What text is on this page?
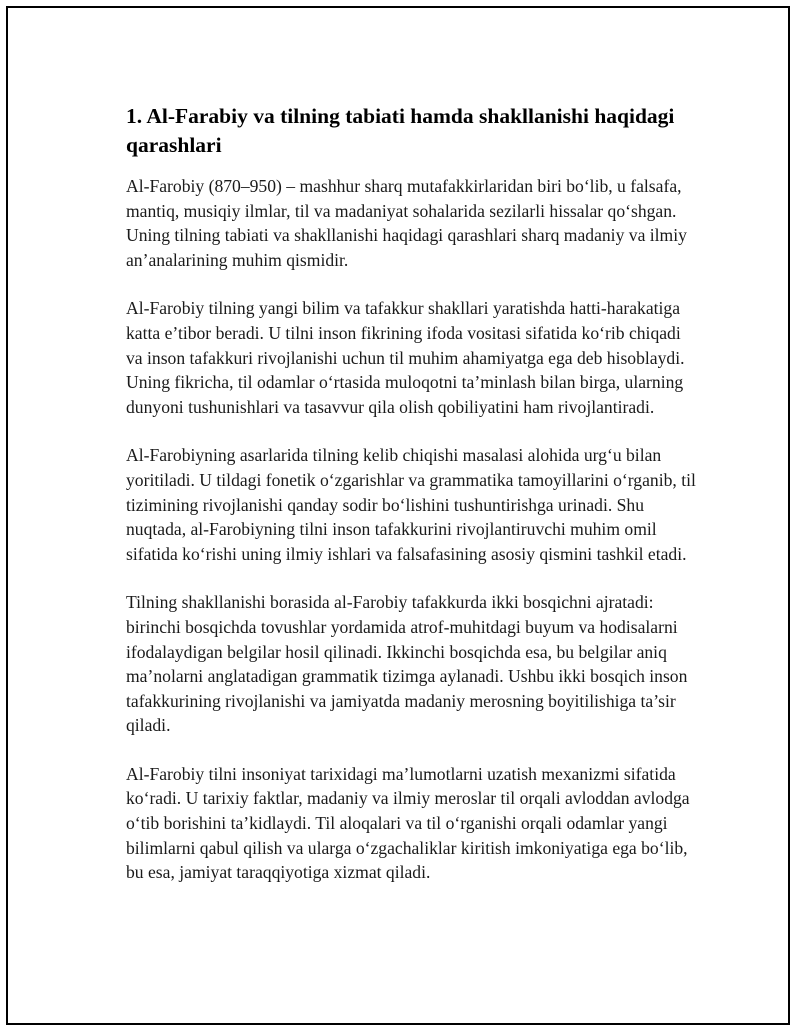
1. Al-Farabiy va tilning tabiati hamda shakllanishi haqidagi qarashlari

Al-Farobiy (870–950) – mashhur sharq mutafakkirlaridan biri bo‘lib, u falsafa, mantiq, musiqiy ilmlar, til va madaniyat sohalarida sezilarli hissalar qo‘shgan. Uning tilning tabiati va shakllanishi haqidagi qarashlari sharq madaniy va ilmiy an’analarining muhim qismidir.

Al-Farobiy tilning yangi bilim va tafakkur shakllari yaratishda hatti-harakatiga katta e’tibor beradi. U tilni inson fikrining ifoda vositasi sifatida ko‘rib chiqadi va inson tafakkuri rivojlanishi uchun til muhim ahamiyatga ega deb hisoblaydi. Uning fikricha, til odamlar o‘rtasida muloqotni ta’minlash bilan birga, ularning dunyoni tushunishlari va tasavvur qila olish qobiliyatini ham rivojlantiradi.

Al-Farobiyning asarlarida tilning kelib chiqishi masalasi alohida urg‘u bilan yoritiladi. U tildagi fonetik o‘zgarishlar va grammatika tamoyillarini o‘rganib, til tizimining rivojlanishi qanday sodir bo‘lishini tushuntirishga urinadi. Shu nuqtada, al-Farobiyning tilni inson tafakkurini rivojlantiruvchi muhim omil sifatida ko‘rishi uning ilmiy ishlari va falsafasining asosiy qismini tashkil etadi.

Tilning shakllanishi borasida al-Farobiy tafakkurda ikki bosqichni ajratadi: birinchi bosqichda tovushlar yordamida atrof-muhitdagi buyum va hodisalarni ifodalaydigan belgilar hosil qilinadi. Ikkinchi bosqichda esa, bu belgilar aniq ma’nolarni anglatadigan grammatik tizimga aylanadi. Ushbu ikki bosqich inson tafakkurining rivojlanishi va jamiyatda madaniy merosning boyitilishiga ta’sir qiladi.

Al-Farobiy tilni insoniyat tarixidagi ma’lumotlarni uzatish mexanizmi sifatida ko‘radi. U tarixiy faktlar, madaniy va ilmiy meroslar til orqali avloddan avlodga o‘tib borishini ta’kidlaydi. Til aloqalari va til o‘rganishi orqali odamlar yangi bilimlarni qabul qilish va ularga o‘zgachaliklar kiritish imkoniyatiga ega bo‘lib, bu esa, jamiyat taraqqiyotiga xizmat qiladi.
